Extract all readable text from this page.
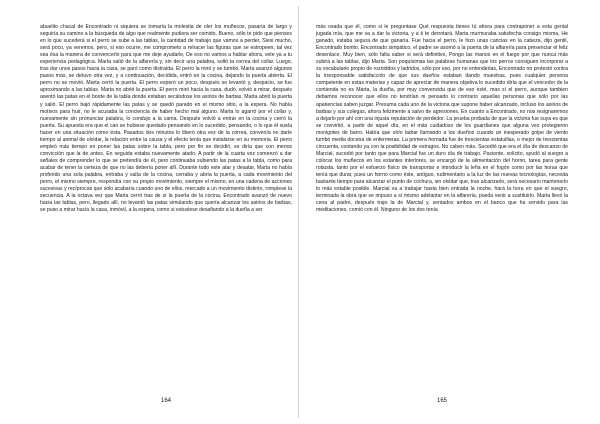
abuelito chacal de Encontrado ni siquiera se tomaría la molestia de oler los muñecos, pasaría de largo y seguiría su camino a la búsqueda de algo que realmente pudiera ser comido. Bueno, sólo te pido que pienses en lo que sucederá si el perro se sube a las tablas, la cantidad de trabajo que vamos a perder, Siesi mucho, será poco, ya veremos, pero, si eso ocurre, me comprometo a rehacer las figuras que se estropeen, tal vez sea ésa la manera de convencerlo para que me deje ayudarle, De eso no vamos a hablar ahora, vete ya a tu experiencia pedagógica. Marta salió de la alfarería y, sin decir una palabra, soltó la correa del collar. Luego, tras dar unos pasos hacia la casa, se paró como distraída. El perro la miró y se tumbó. Marta avanzó algunos pasos más, se detuvo otra vez, y a continuación, decidida, entró en la cocina, dejando la puerta abierta. El perro no se movió. Marta cerró la puerta. El perro esperó un poco, después se levantó y, despacio, se fue aproximando a las tablas. Marta no abrió la puerta. El perro miró hacia la casa, dudó, volvió a mirar, después asentó las patas en el borde de la tabla donde estaban secándose los asirios de barbas. Marta abrió la puerta y salió. El perro bajó rápidamente las patas y se quedó parado en el mismo sitio, a la espera. No había motivos para huir, no le acusaba la conciencia de haber hecho mal alguno. Marta lo agarró por el collar y, nuevamente sin pronunciar palabra, lo condujo a la cama. Después volvió a entrar en la cocina y cerró la puerta. Su apuesta era que el can se hubiese quedado pensando en lo sucedido, pensando, o lo que él suela hacer en una situación como ésta. Pasados dos minutos lo liberó otra vez de la correa, convenía no darle tiempo al animal de olvidar, la relación entre la causa y el efecto tenía que instalarse en su memoria. El perro empleó más tiempo en poner las patas sobre la tabla, pero por fin se decidió, se diría que con menos convicción que la de antes. En seguida estaba nuevamente atado. A partir de la cuarta vez comenzó a dar señales de comprender lo que se pretendía de él, pero continuaba subiendo las patas a la tabla, como para acabar de tener la certeza de que no las debería poner allí. Durante todo este atar y desatar, Marta no había proferido una sola palabra, entraba y salía de la cocina, cerraba y abría la puerta, a cada movimiento del perro, el mismo siempre, respondía con su propio movimiento, siempre el mismo, en una cadena de acciones sucesivas y recíprocas que sólo acabaría cuando uno de ellos, mercado a un movimiento distinto, rompiese la secuencia. A la octava vez que Marta cerró tras de sí la puerta de la cocina, Encontrado avanzó de nuevo hacia las tablas, pero, llegado allí, no levantó las patas simulando que quería alcanzar los asirios de barbas, se puso a mirar hacia la casa, inmóvil, a la espera, como si estuviese desafiando a la dueña a ser

más osada que él, como si le preguntase Qué respuesta tienes tú ahora para contraponer a esta genial jugada mía, que me va a dar la victoria, y a ti te derrotará. Marta murmuraba satisfecha consigo misma, He ganado, estaba segura de que ganaría. Fue hacia el perro, le hizo unas caricias en la cabeza, dijo gentil, Encontrado bonito, Encontrado simpático, el padre se asomó a la puerta de la alfarería para presenciar el feliz desenlace, Muy bien, sólo falta saber si será definitivo, Pongo las manos en el fuego por que nunca más subirá a las tablas, dijo Marta. Son poquísimas las palabras humanas que los perros consiguen incorporar a su vocabulario propio de rozniddos y ladridos, sólo por eso, por no entenderlas, Encontrado no protestó contra la irresponsable satisfacción de que sus dueños estaban dando muestras, pues cualquier persona competente en estas materias y capaz de apreciar de manera objetiva lo sucedido diría que el vencedor de la contienda no es Marta, la dueña, por muy convencida que de eso esté, mas sí el perro, aunque tambien debamos reconocer que ellos no tendrían ni pensado lo contrario aquellas personas que sólo por las apariencias saben juzgar. Presuma cada uno de la victoria que supone haber alcanzado, incluso los asirios de barbas y sus colegas, ahora felizmente a salvo de agresiones. En cuanto a Encontrado, no nos resignaremos a dejarlo por ahí con una injusta reputación de perdedor. La prueba probada de que la victoria fue suya es que se convirtió, a partir de aquel día, en el más cuidadoso de los guardianes que alguna vez protegieron monigotes de barro. Había que oírlo ladrar llamando a los dueños cuando un inesperado golpe de viento tumbó media docena de enfermeras. La primera hornada fue de trescientas estatuillas, o mejor de trescientas cincuenta, contando ya con la posibilidad de estragos. No caben más. Sucedió que era el día de descanso de Marcial, sucedió por tanto que para Marcial fue un duro día de trabajo. Paciente, solícito, ayudó al suegro a colocar los muñecos en los estantes interiores, se encargó de la alimentación del horno, tarea para gente robusta, tanto por el esfuerzo físico de transportar e introducir la leña en el fogón como por las horas que tenía que durar, pues un horno como éste, antiguo, rudimentario a la luz de las nuevas tecnologías, necesita bastante tiempo para alcanzar el punto de cochura, sin olvidar que, tras alcanzarlo, será necesario mantenerlo lo más estable posible. Marcial va a trabajar hasta bien entrada la noche, hará la hora en que el suegro, terminada la obra que se impuso a sí mismo adelantar en la alfarería, pueda venir a sustituirlo. Marta llevó la cena al padre, después trajo la de Marcial y, sentados ambos en el banco que ha servido para las meditaciones, comió con él. Ninguno de los dos tenía

164	165
